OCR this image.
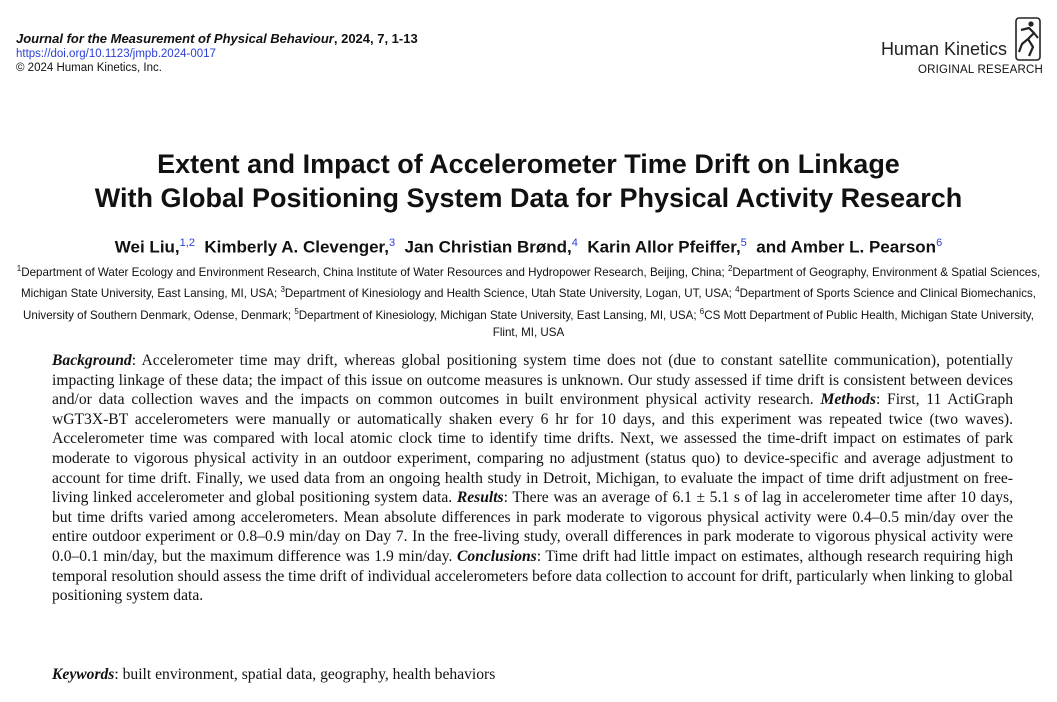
Journal for the Measurement of Physical Behaviour, 2024, 7, 1-13
https://doi.org/10.1123/jmpb.2024-0017
© 2024 Human Kinetics, Inc.
Human Kinetics
ORIGINAL RESEARCH
Extent and Impact of Accelerometer Time Drift on Linkage
With Global Positioning System Data for Physical Activity Research
Wei Liu,$^{1,2}$ Kimberly A. Clevenger,$^3$ Jan Christian Brønd,$^4$ Karin Allor Pfeiffer,$^5$ and Amber L. Pearson$^6$
$^1$Department of Water Ecology and Environment Research, China Institute of Water Resources and Hydropower Research, Beijing, China; $^2$Department of Geography, Environment & Spatial Sciences, Michigan State University, East Lansing, MI, USA; $^3$Department of Kinesiology and Health Science, Utah State University, Logan, UT, USA; $^4$Department of Sports Science and Clinical Biomechanics, University of Southern Denmark, Odense, Denmark; $^5$Department of Kinesiology, Michigan State University, East Lansing, MI, USA; $^6$CS Mott Department of Public Health, Michigan State University, Flint, MI, USA
Background: Accelerometer time may drift, whereas global positioning system time does not (due to constant satellite communication), potentially impacting linkage of these data; the impact of this issue on outcome measures is unknown. Our study assessed if time drift is consistent between devices and/or data collection waves and the impacts on common outcomes in built environment physical activity research. Methods: First, 11 ActiGraph wGT3X-BT accelerometers were manually or automatically shaken every 6 hr for 10 days, and this experiment was repeated twice (two waves). Accelerometer time was compared with local atomic clock time to identify time drifts. Next, we assessed the time-drift impact on estimates of park moderate to vigorous physical activity in an outdoor experiment, comparing no adjustment (status quo) to device-specific and average adjustment to account for time drift. Finally, we used data from an ongoing health study in Detroit, Michigan, to evaluate the impact of time drift adjustment on free-living linked accelerometer and global positioning system data. Results: There was an average of 6.1 ± 5.1 s of lag in accelerometer time after 10 days, but time drifts varied among accelerometers. Mean absolute differences in park moderate to vigorous physical activity were 0.4–0.5 min/day over the entire outdoor experiment or 0.8–0.9 min/day on Day 7. In the free-living study, overall differences in park moderate to vigorous physical activity were 0.0–0.1 min/day, but the maximum difference was 1.9 min/day. Conclusions: Time drift had little impact on estimates, although research requiring high temporal resolution should assess the time drift of individual accelerometers before data collection to account for drift, particularly when linking to global positioning system data.
Keywords: built environment, spatial data, geography, health behaviors
